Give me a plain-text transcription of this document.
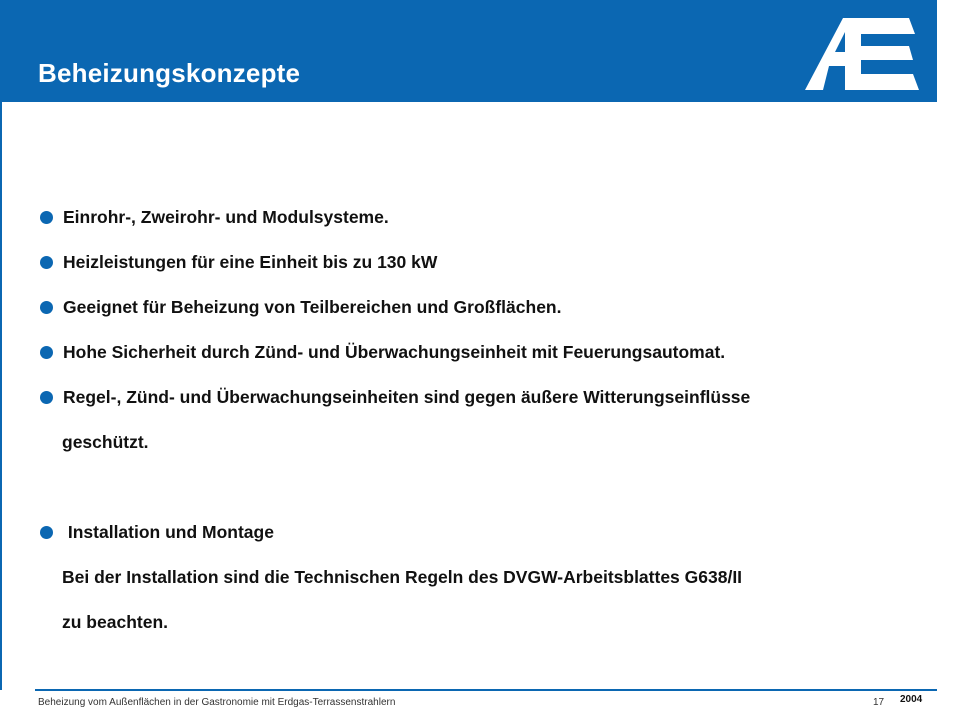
Beheizungskonzepte
Einrohr-, Zweirohr- und Modulsysteme.
Heizleistungen für eine Einheit bis zu 130 kW
Geeignet für Beheizung von Teilbereichen und Großflächen.
Hohe Sicherheit durch Zünd- und Überwachungseinheit mit Feuerungsautomat.
Regel-, Zünd- und Überwachungseinheiten sind gegen äußere Witterungseinflüsse
geschützt.
Installation und Montage
Bei der Installation sind die Technischen Regeln des DVGW-Arbeitsblattes G638/II
zu beachten.
Beheizung vom Außenflächen in der Gastronomie mit Erdgas-Terrassenstrahlern	17 2004
